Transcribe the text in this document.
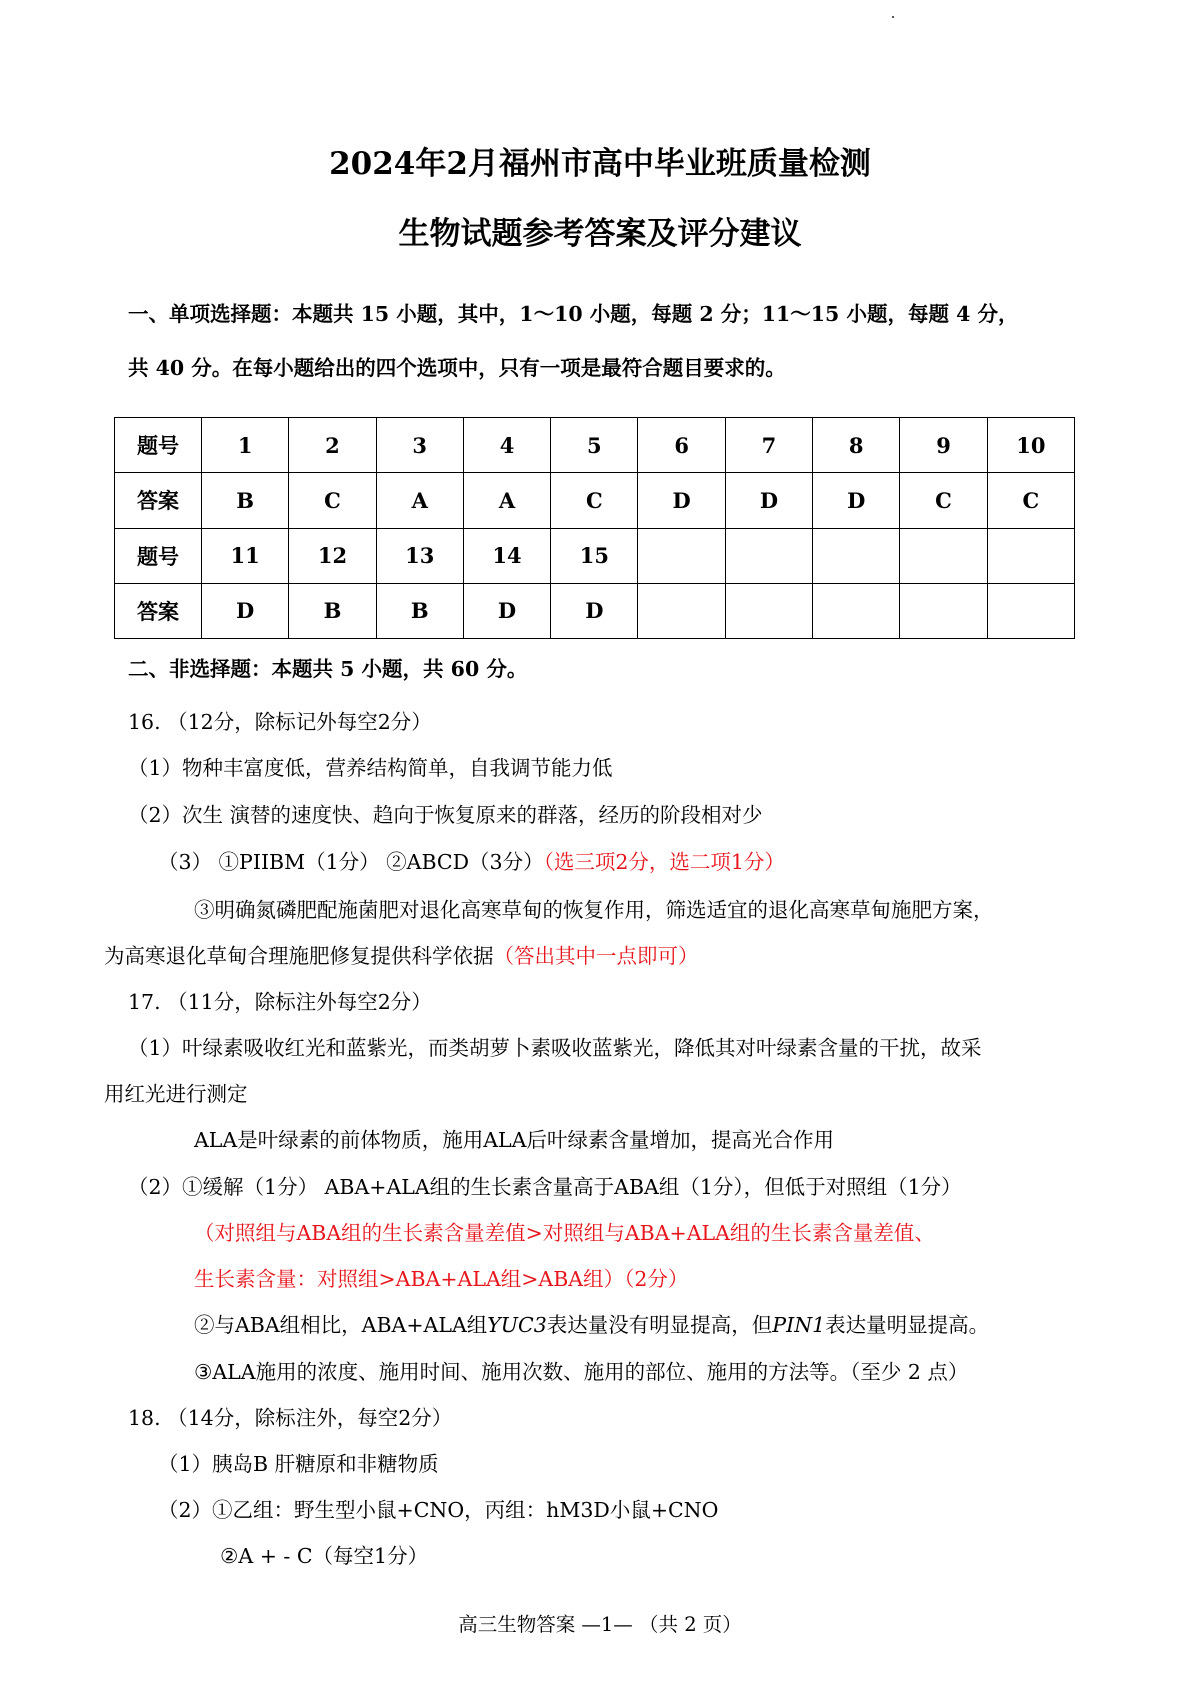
2024年2月福州市高中毕业班质量检测
生物试题参考答案及评分建议
一、单项选择题：本题共 15 小题，其中，1～10 小题，每题 2 分；11～15 小题，每题 4 分，
共 40 分。在每小题给出的四个选项中，只有一项是最符合题目要求的。
题号	1	2	3	4	5	6	7	8	9	10
答案	B	C	A	A	C	D	D	D	C	C
题号	11	12	13	14	15					
答案	D	B	B	D	D					
二、非选择题：本题共 5 小题，共 60 分。
16. （12分，除标记外每空2分）
（1）物种丰富度低，营养结构简单，自我调节能力低
（2）次生 演替的速度快、趋向于恢复原来的群落，经历的阶段相对少
（3） ①PIIBM（1分） ②ABCD（3分）（选三项2分，选二项1分）
③明确氮磷肥配施菌肥对退化高寒草甸的恢复作用，筛选适宜的退化高寒草甸施肥方案，
为高寒退化草甸合理施肥修复提供科学依据（答出其中一点即可）
17. （11分，除标注外每空2分）
（1）叶绿素吸收红光和蓝紫光，而类胡萝卜素吸收蓝紫光，降低其对叶绿素含量的干扰，故采
用红光进行测定
ALA是叶绿素的前体物质，施用ALA后叶绿素含量增加，提高光合作用
（2）①缓解（1分） ABA+ALA组的生长素含量高于ABA组（1分），但低于对照组（1分）
（对照组与ABA组的生长素含量差值>对照组与ABA+ALA组的生长素含量差值、
生长素含量：对照组>ABA+ALA组>ABA组）（2分）
②与ABA组相比，ABA+ALA组YUC3表达量没有明显提高，但PIN1表达量明显提高。
③ALA施用的浓度、施用时间、施用次数、施用的部位、施用的方法等。（至少 2 点）
18. （14分，除标注外，每空2分）
（1）胰岛B 肝糖原和非糖物质
（2）①乙组：野生型小鼠+CNO，丙组：hM3D小鼠+CNO
②A + - C（每空1分）
高三生物答案 —1— （共 2 页）
